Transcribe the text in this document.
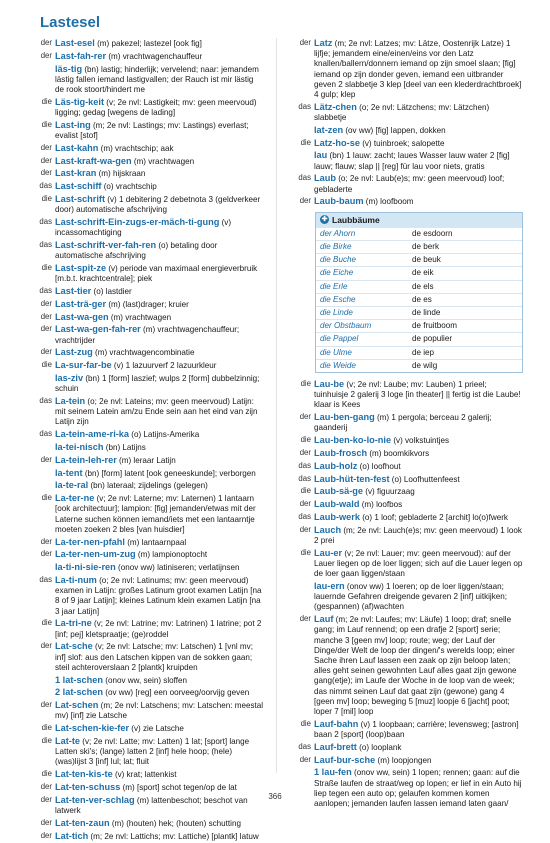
Lastesel
der Last-esel (m) pakezel; lastezel [ook fig]
der Last-fah-rer (m) vrachtwagenchauffeur
läs-tig (bn) lastig; hinderlijk; vervelend; naar: jemandem lästig fallen iemand lastigvallen; der Rauch ist mir lästig de rook stoort/hindert me
die Läs-tig-keit (v; 2e nvl: Lastigkeit; mv: geen meervoud) ligging; gedag [wegens de lading]
die Last-ing (m; 2e nvl: Lastings; mv: Lastings) everlast; evalist [stof]
der Last-kahn (m) vrachtschip; aak
der Last-kraft-wa-gen (m) vrachtwagen
der Last-kran (m) hijskraan
das Last-schiff (o) vrachtschip
die Last-schrift (v) 1 debitering 2 debetnota 3 (geldverkeer door) automatische afschrijving
das Last-schrift-Ein-zugs-er-mäch-ti-gung (v) incassomachtiging
das Last-schrift-ver-fah-ren (o) betaling door automatische afschrijving
die Last-spit-ze (v) periode van maximaal energieverbruik [m.b.t. krachtcentrale]; piek
das Last-tier (o) lastdier
der Last-trä-ger (m) (last)drager; kruier
der Last-wa-gen (m) vrachtwagen
der Last-wa-gen-fah-rer (m) vrachtwagenchauffeur; vrachtrijder
der Last-zug (m) vrachtwagencombinatie
die La-sur-far-be (v) 1 lazuurverf 2 lazuurkleur
las-ziv (bn) 1 [form] laszief; wulps 2 [form] dubbelzinnig; schuin
das La-tein (o; 2e nvl: Lateins; mv: geen meervoud) Latijn: mit seinem Latein am/zu Ende sein aan het eind van zijn Latijn zijn
das La-tein-ame-ri-ka (o) Latijns-Amerika
la-tei-nisch (bn) Latijns
der La-tein-leh-rer (m) leraar Latijn
la-tent (bn) [form] latent [ook geneeskunde]; verborgen
la-te-ral (bn) lateraal; zijdelings (gelegen)
die La-ter-ne (v; 2e nvl: Laterne; mv: Laternen) 1 lantaarn [ook architectuur]; lampion: [fig] jemanden/etwas mit der Laterne suchen können iemand/iets met een lantaarntje moeten zoeken 2 bles [van huisdier]
der La-ter-nen-pfahl (m) lantaarnpaal
der La-ter-nen-um-zug (m) lampionoptocht
la-ti-ni-sie-ren (onov ww) latiniseren; verlatijnsen
das La-ti-num (o; 2e nvl: Latinums; mv: geen meervoud) examen in Latijn: großes Latinum groot examen Latijn [na 8 of 9 jaar Latijn]; kleines Latinum klein examen Latijn [na 3 jaar Latijn]
die La-tri-ne (v; 2e nvl: Latrine; mv: Latrinen) 1 latrine; pot 2 [inf; pej] kletspraatje; (ge)roddel
der Lat-sche (v; 2e nvl: Latsche; mv: Latschen) 1 [vnl mv; inf] slof: aus den Latschen kippen van de sokken gaan; steil achteroverslaan 2 [plantk] kruipden
1 lat-schen (onov ww, sein) sloffen
2 lat-schen (ov ww) [reg] een oorveeg/oorvijg geven
der Lat-schen (m; 2e nvl: Latschens; mv: Latschen: meestal mv) [inf] zie Latsche
die Lat-schen-kie-fer (v) zie Latsche
die Lat-te (v; 2e nvl: Latte; mv: Latten) 1 lat; [sport] lange Latten ski's; (lange) latten 2 [inf] hele hoop; (hele) (was)lijst 3 [inf] lul; lat; fluit
die Lat-ten-kis-te (v) krat; lattenkist
der Lat-ten-schuss (m) [sport] schot tegen/op de lat
der Lat-ten-ver-schlag (m) lattenbeschot; beschot van latwerk
der Lat-ten-zaun (m) (houten) hek; (houten) schutting
der Lat-tich (m; 2e nvl: Lattichs; mv: Lattiche) [plantk] latuw
der Latz (m; 2e nvl: Latzes; mv: Lätze, Oostenrijk Latze) 1 lijfje; jemandem eine/einen/eins vor den Latz knallen/ballern/donnern iemand op zijn smoel slaan; [fig] iemand op zijn donder geven, iemand een uitbrander geven 2 slabbetje 3 klep [deel van een klederdrachtbroek] 4 gulp; klep
das Lätz-chen (o; 2e nvl: Lätzchens; mv: Lätzchen) slabbetje
lat-zen (ov ww) [fig] lappen, dokken
die Latz-ho-se (v) tuinbroek; salopette
lau (bn) 1 lauw: zacht; laues Wasser lauw water 2 [fig] lauw; flauw; slap || [reg] für lau voor niets, gratis
das Laub (o; 2e nvl: Laub(e)s; mv: geen meervoud) loof; gebladerte
der Laub-baum (m) loofboom
✚ Laubbäume
der Ahorn	de esdoorn
die Birke	de berk
die Buche	de beuk
die Eiche	de eik
die Erle	de els
die Esche	de es
die Linde	de linde
der Obstbaum	de fruitboom
die Pappel	de populier
die Ulme	de iep
die Weide	de wilg
die Lau-be (v; 2e nvl: Laube; mv: Lauben) 1 prieel; tuinhuisje 2 galerij 3 loge [in theater] || fertig ist die Laube! klaar is Kees
der Lau-ben-gang (m) 1 pergola; berceau 2 galerij; gaanderij
die Lau-ben-ko-lo-nie (v) volkstuintjes
der Laub-frosch (m) boomkikvors
das Laub-holz (o) loofhout
das Laub-hüt-ten-fest (o) Loofhuttenfeest
die Laub-sä-ge (v) figuurzaag
der Laub-wald (m) loofbos
das Laub-werk (o) 1 loof; gebladerte 2 [archit] lo(o)fwerk
der Lauch (m; 2e nvl: Lauch(e)s; mv: geen meervoud) 1 look 2 prei
die Lau-er (v; 2e nvl: Lauer; mv: geen meervoud): auf der Lauer liegen op de loer liggen; sich auf die Lauer legen op de loer gaan liggen/staan
lau-ern (onov ww) 1 loeren; op de loer liggen/staan; lauernde Gefahren dreigende gevaren 2 [inf] uitkijken; (gespannen) (af)wachten
der Lauf (m; 2e nvl: Laufes; mv: Läufe) 1 loop; draf; snelle gang; im Lauf rennend; op een drafje 2 [sport] serie; manche 3 [geen mv] loop; route; weg; der Lauf der Dinge/der Welt de loop der dingen/'s werelds loop; einer Sache ihren Lauf lassen een zaak op zijn beloop laten; alles geht seinen gewohnten Lauf alles gaat zijn gewone gang(etje); im Laufe der Woche in de loop van de week; das nimmt seinen Lauf dat gaat zijn (gewone) gang 4 [geen mv] loop; beweging 5 [muz] loopje 6 [jacht] poot; loper 7 [mil] loop
die Lauf-bahn (v) 1 loopbaan; carrière; levensweg; [astron] baan 2 [sport] (loop)baan
das Lauf-brett (o) looplank
der Lauf-bur-sche (m) loopjongen
1 lau-fen (onov ww, sein) 1 lopen; rennen; gaan: auf die Straße laufen de straat/weg op lopen; er lief in ein Auto hij liep tegen een auto op; gelaufen kommen komen aanlopen; jemanden laufen lassen iemand laten gaan/
366
